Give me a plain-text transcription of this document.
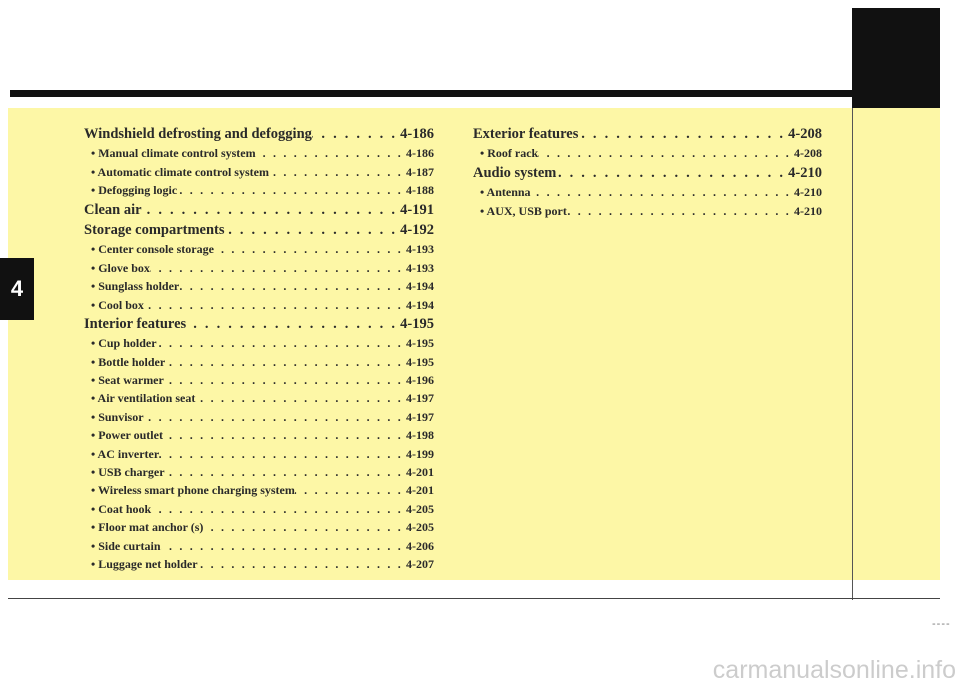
4
Windshield defrosting and defogging . . .	4-186
• Manual climate control system . . .	4-186
• Automatic climate control system . . .	4-187
• Defogging logic . . .	4-188
Clean air . . .	4-191
Storage compartments . . .	4-192
• Center console storage . . .	4-193
• Glove box . . .	4-193
• Sunglass holder . . .	4-194
• Cool box . . .	4-194
Interior features . . .	4-195
• Cup holder . . .	4-195
• Bottle holder . . .	4-195
• Seat warmer . . .	4-196
• Air ventilation seat . . .	4-197
• Sunvisor . . .	4-197
• Power outlet . . .	4-198
• AC inverter . . .	4-199
• USB charger . . .	4-201
• Wireless smart phone charging system . . .	4-201
• Coat hook . . .	4-205
• Floor mat anchor (s) . . .	4-205
• Side curtain . . .	4-206
• Luggage net holder . . .	4-207
Exterior features . . .	4-208
• Roof rack . . .	4-208
Audio system . . .	4-210
• Antenna . . .	4-210
• AUX, USB port . . .	4-210
----
carmanualsonline.info
